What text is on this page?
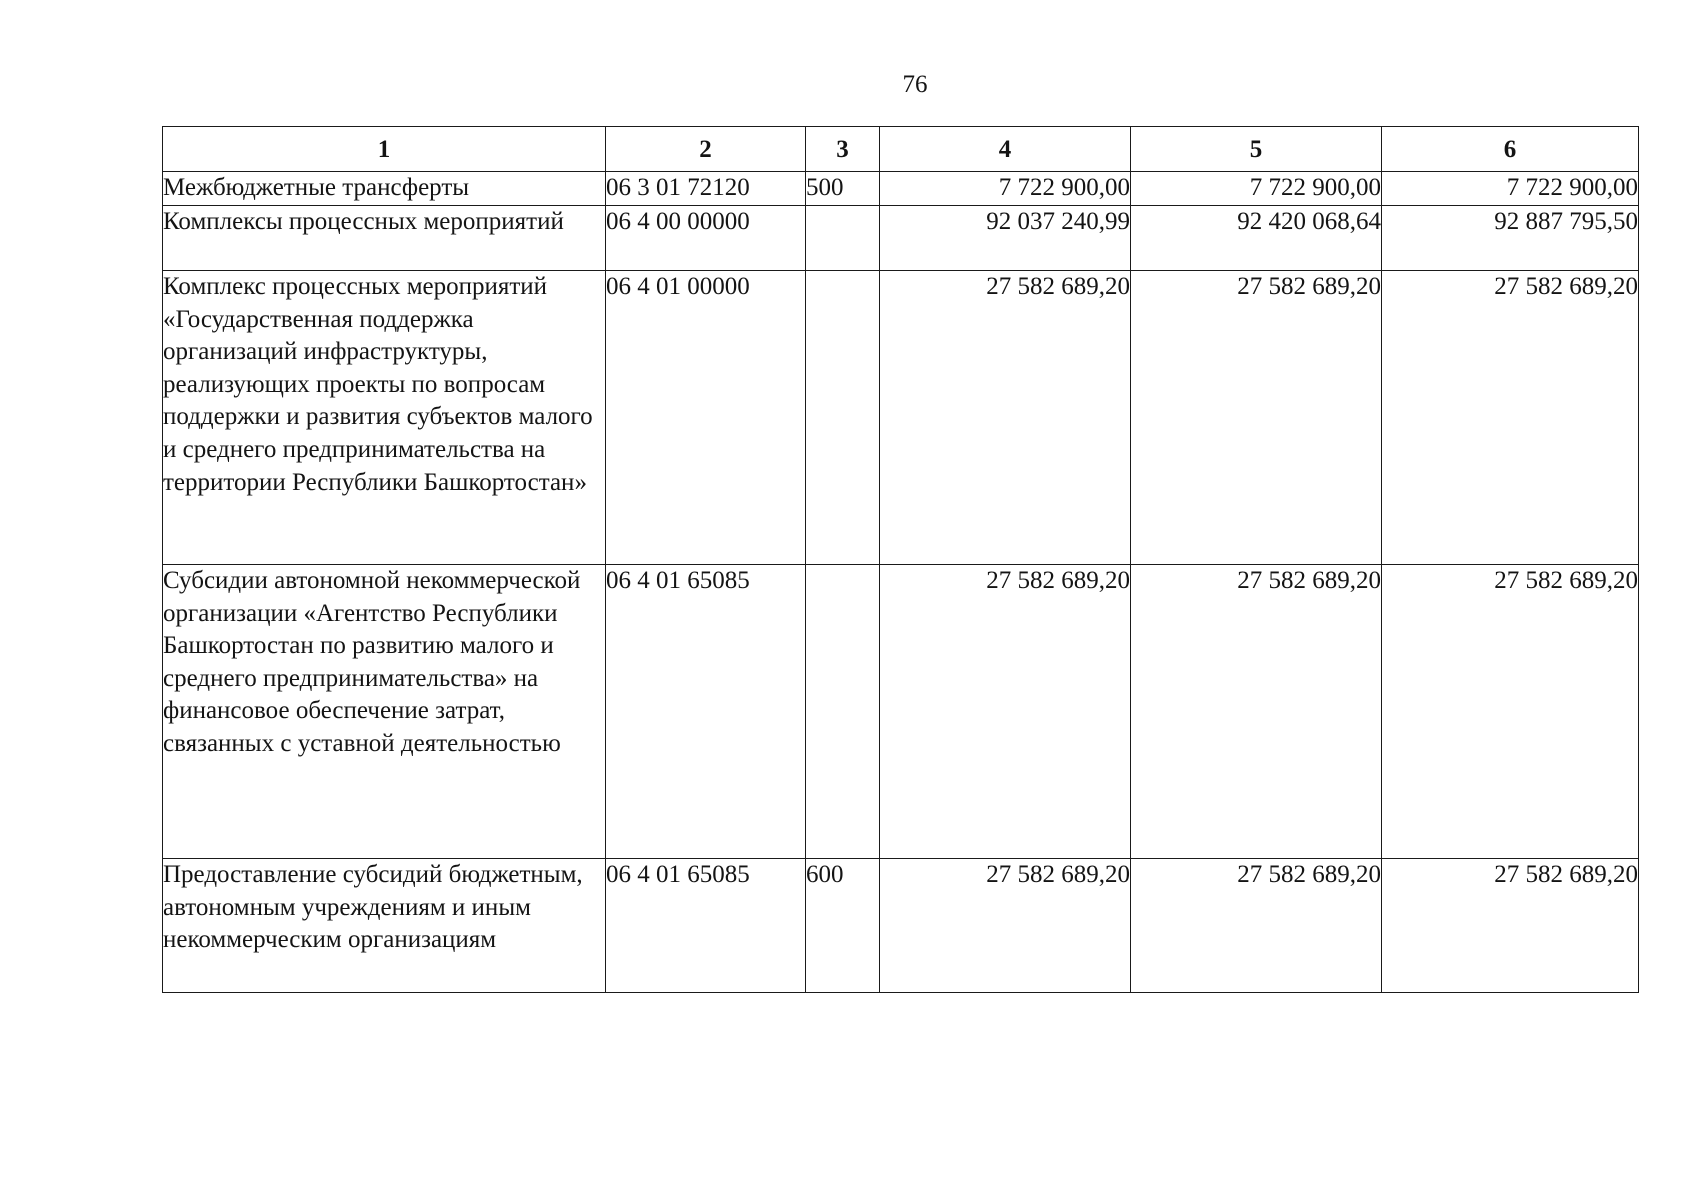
76
1	2	3	4	5	6
Межбюджетные трансферты	06 3 01 72120	500	7 722 900,00	7 722 900,00	7 722 900,00
Комплексы процессных мероприятий	06 4 00 00000		92 037 240,99	92 420 068,64	92 887 795,50
Комплекс процессных мероприятий «Государственная поддержка организаций инфраструктуры, реализующих проекты по вопросам поддержки и развития субъектов малого и среднего предпринимательства на территории Республики Башкортостан»	06 4 01 00000		27 582 689,20	27 582 689,20	27 582 689,20
Субсидии автономной некоммерческой организации «Агентство Республики Башкортостан по развитию малого и среднего предпринимательства» на финансовое обеспечение затрат, связанных с уставной деятельностью	06 4 01 65085		27 582 689,20	27 582 689,20	27 582 689,20
Предоставление субсидий бюджетным, автономным учреждениям и иным некоммерческим организациям	06 4 01 65085	600	27 582 689,20	27 582 689,20	27 582 689,20
